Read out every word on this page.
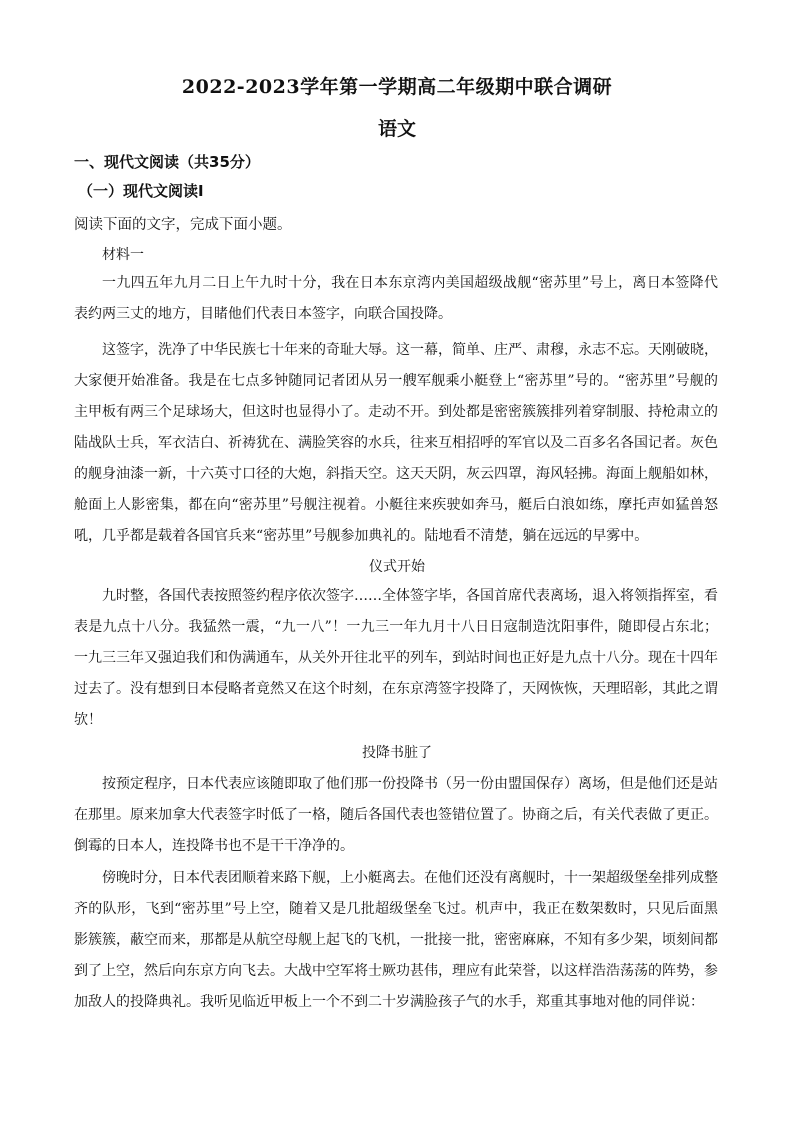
2022-2023学年第一学期高二年级期中联合调研
语文
一、现代文阅读（共35分）
（一）现代文阅读Ⅰ
阅读下面的文字，完成下面小题。
材料一

一九四五年九月二日上午九时十分，我在日本东京湾内美国超级战舰“密苏里”号上，离日本签降代表约两三丈的地方，目睹他们代表日本签字，向联合国投降。

这签字，洗净了中华民族七十年来的奇耻大辱。这一幕，简单、庄严、肃穆，永志不忘。天刚破晓，大家便开始准备。我是在七点多钟随同记者团从另一艘军舰乘小艇登上“密苏里”号的。“密苏里”号舰的主甲板有两三个足球场大，但这时也显得小了。走动不开。到处都是密密簇簇排列着穿制服、持枪肃立的陆战队士兵，军衣洁白、祈祷犹在、满脸笑容的水兵，往来互相招呼的军官以及二百多名各国记者。灰色的舰身油漆一新，十六英寸口径的大炮，斜指天空。这天天阴，灰云四罩，海风轻拂。海面上舰船如林，舱面上人影密集，都在向“密苏里”号舰注视着。小艇往来疾驶如奔马，艇后白浪如练，摩托声如猛兽怒吼，几乎都是载着各国官兵来“密苏里”号舰参加典礼的。陆地看不清楚，躺在远远的早雾中。

仪式开始

九时整，各国代表按照签约程序依次签字……全体签字毕，各国首席代表离场，退入将领指挥室，看表是九点十八分。我猛然一震，“九一八”！一九三一年九月十八日日寇制造沈阳事件，随即侵占东北；一九三三年又强迫我们和伪满通车，从关外开往北平的列车，到站时间也正好是九点十八分。现在十四年过去了。没有想到日本侵略者竟然又在这个时刻，在东京湾签字投降了，天网恢恢，天理昭彰，其此之谓欤！

投降书脏了

按预定程序，日本代表应该随即取了他们那一份投降书（另一份由盟国保存）离场，但是他们还是站在那里。原来加拿大代表签字时低了一格，随后各国代表也签错位置了。协商之后，有关代表做了更正。倒霉的日本人，连投降书也不是干干净净的。

傍晚时分，日本代表团顺着来路下舰，上小艇离去。在他们还没有离舰时，十一架超级堡垒排列成整齐的队形，飞到“密苏里”号上空，随着又是几批超级堡垒飞过。机声中，我正在数架数时，只见后面黑影簇簇，蔽空而来，那都是从航空母舰上起飞的飞机，一批接一批，密密麻麻，不知有多少架，顷刻间都到了上空，然后向东京方向飞去。大战中空军将士厥功甚伟，理应有此荣誉，以这样浩浩荡荡的阵势，参加敌人的投降典礼。我听见临近甲板上一个不到二十岁满脸孩子气的水手，郑重其事地对他的同伴说：
